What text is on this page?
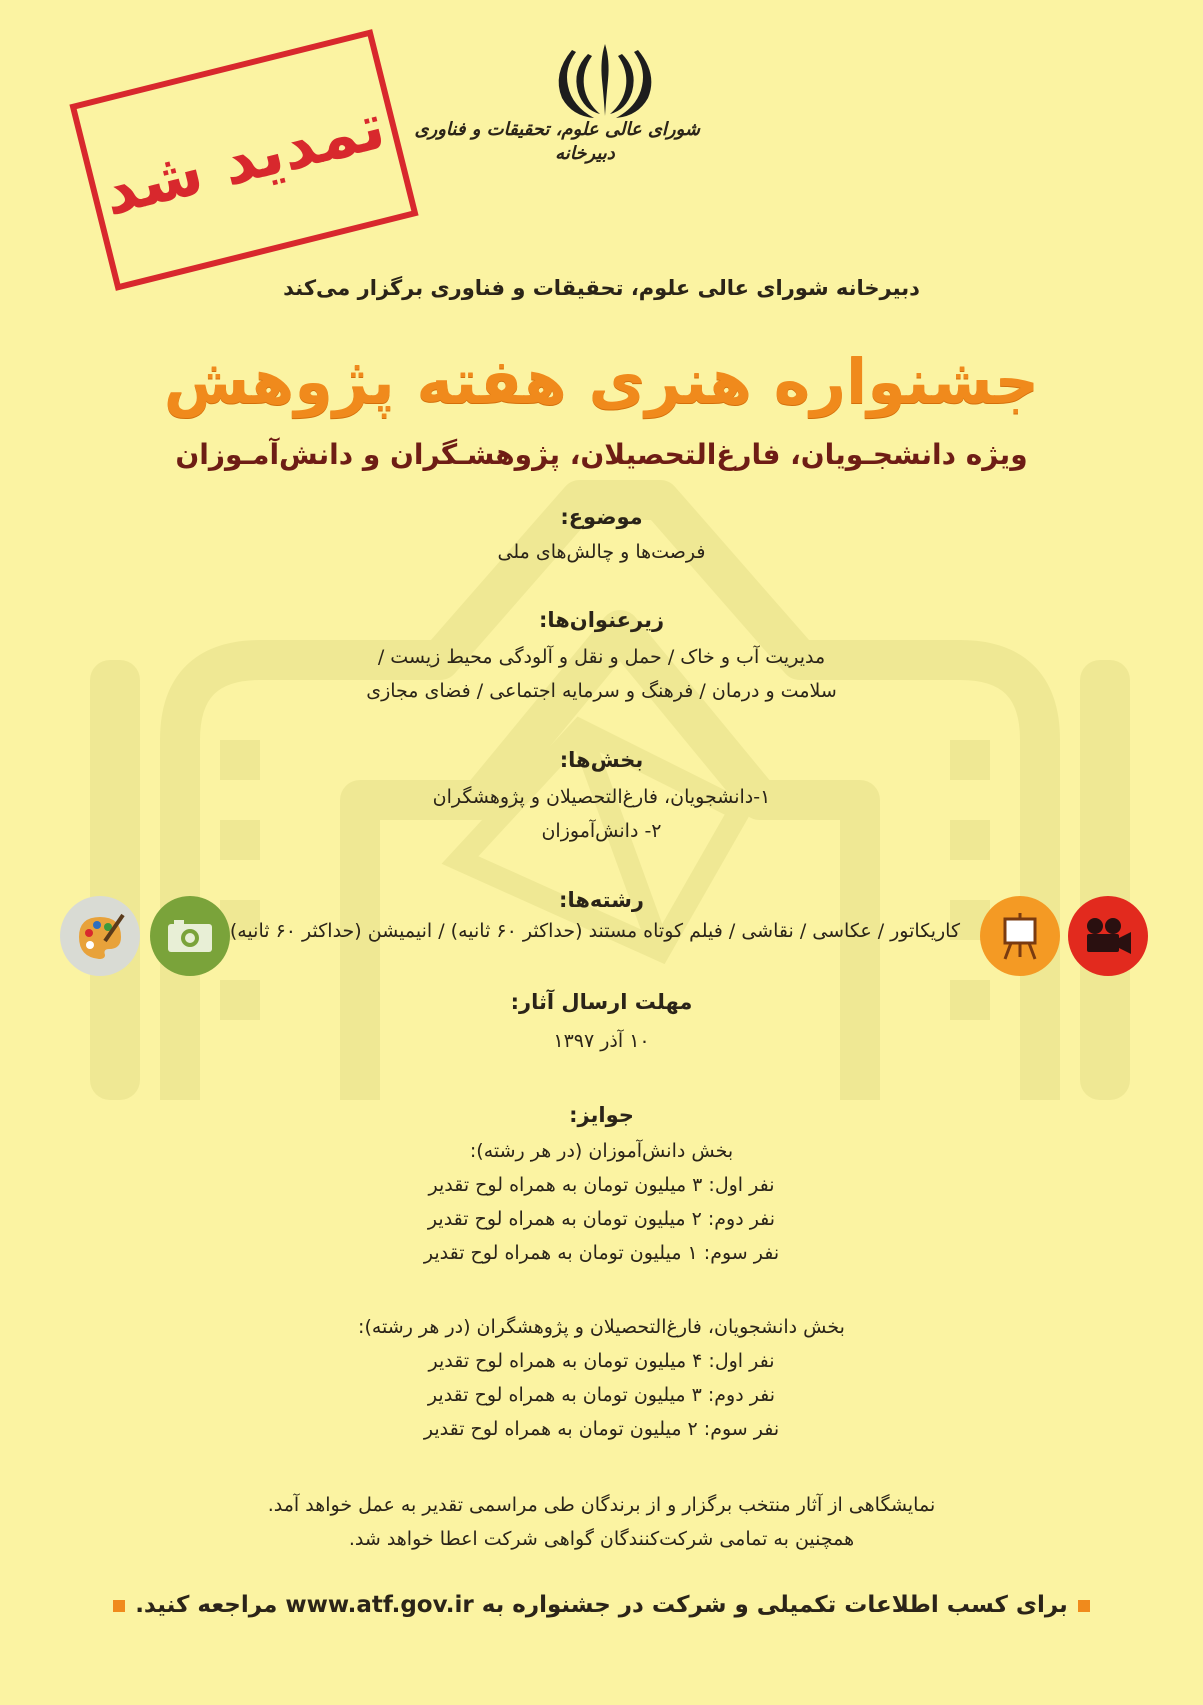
شورای عالی علوم، تحقیقات و فناوری
دبیرخانه
تمدید شد
دبیرخانه شورای عالی علوم، تحقیقات و فناوری برگزار می‌کند
جشنواره هنری هفته پژوهش
ویژه دانشجـویان، فارغ‌التحصیلان، پژوهشـگران و دانش‌آمـوزان
موضوع:
فرصت‌ها و چالش‌های ملی
زیرعنوان‌ها:
مدیریت آب و خاک / حمل و نقل و آلودگی محیط زیست /
سلامت و درمان / فرهنگ و سرمایه اجتماعی / فضای مجازی
بخش‌ها:
۱-دانشجویان، فارغ‌التحصیلان و پژوهشگران
۲- دانش‌آموزان
رشته‌ها:
کاریکاتور / عکاسی / نقاشی / فیلم کوتاه مستند (حداکثر ۶۰ ثانیه) / انیمیشن (حداکثر ۶۰ ثانیه)
مهلت ارسال آثار:
۱۰ آذر ۱۳۹۷
جوایز:
بخش دانش‌آموزان (در هر رشته):
نفر اول: ۳ میلیون تومان به همراه لوح تقدیر
نفر دوم: ۲ میلیون تومان به همراه لوح تقدیر
نفر سوم: ۱ میلیون تومان به همراه لوح تقدیر
بخش دانشجویان، فارغ‌التحصیلان و پژوهشگران (در هر رشته):
نفر اول: ۴ میلیون تومان به همراه لوح تقدیر
نفر دوم: ۳ میلیون تومان به همراه لوح تقدیر
نفر سوم: ۲ میلیون تومان به همراه لوح تقدیر
نمایشگاهی از آثار منتخب برگزار و از برندگان طی مراسمی تقدیر به عمل خواهد آمد.
همچنین به تمامی شرکت‌کنندگان گواهی شرکت اعطا خواهد شد.
برای کسب اطلاعات تکمیلی و شرکت در جشنواره به www.atf.gov.ir مراجعه کنید.
